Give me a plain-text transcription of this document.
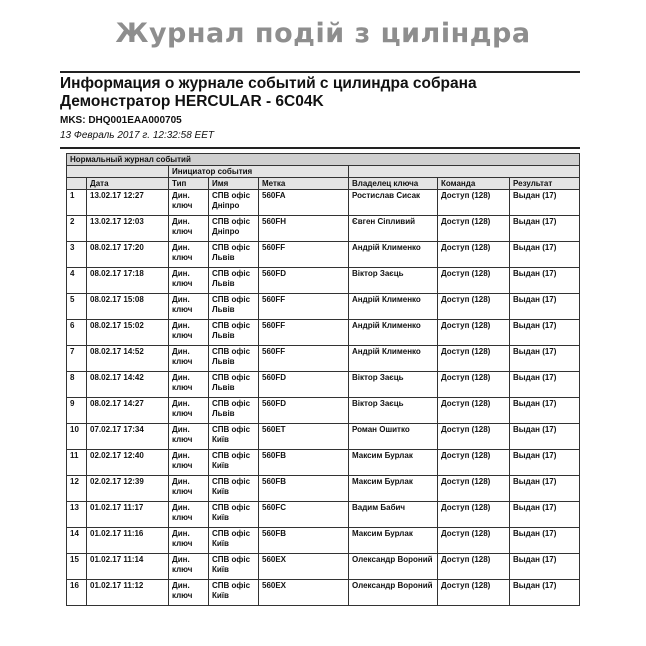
Журнал подій з циліндра
Информация о журнале событий с цилиндра собрана Демонстратор HERCULAR - 6C04K
MKS: DHQ001EAA000705
13 Февраль 2017 г. 12:32:58 EET
Нормальный журнал событий							
		Инициатор события					
	Дата	Тип	Имя	Метка	Владелец ключа	Команда	Результат
1	13.02.17 12:27	Дин. ключ	СПВ офіс Дніпро	560FA	Ростислав Сисак	Доступ (128)	Выдан (17)
2	13.02.17 12:03	Дин. ключ	СПВ офіс Дніпро	560FH	Євген Сіпливий	Доступ (128)	Выдан (17)
3	08.02.17 17:20	Дин. ключ	СПВ офіс Львів	560FF	Андрій Клименко	Доступ (128)	Выдан (17)
4	08.02.17 17:18	Дин. ключ	СПВ офіс Львів	560FD	Віктор Заєць	Доступ (128)	Выдан (17)
5	08.02.17 15:08	Дин. ключ	СПВ офіс Львів	560FF	Андрій Клименко	Доступ (128)	Выдан (17)
6	08.02.17 15:02	Дин. ключ	СПВ офіс Львів	560FF	Андрій Клименко	Доступ (128)	Выдан (17)
7	08.02.17 14:52	Дин. ключ	СПВ офіс Львів	560FF	Андрій Клименко	Доступ (128)	Выдан (17)
8	08.02.17 14:42	Дин. ключ	СПВ офіс Львів	560FD	Віктор Заєць	Доступ (128)	Выдан (17)
9	08.02.17 14:27	Дин. ключ	СПВ офіс Львів	560FD	Віктор Заєць	Доступ (128)	Выдан (17)
10	07.02.17 17:34	Дин. ключ	СПВ офіс Київ	560ET	Роман Ошитко	Доступ (128)	Выдан (17)
11	02.02.17 12:40	Дин. ключ	СПВ офіс Київ	560FB	Максим Бурлак	Доступ (128)	Выдан (17)
12	02.02.17 12:39	Дин. ключ	СПВ офіс Київ	560FB	Максим Бурлак	Доступ (128)	Выдан (17)
13	01.02.17 11:17	Дин. ключ	СПВ офіс Київ	560FC	Вадим Бабич	Доступ (128)	Выдан (17)
14	01.02.17 11:16	Дин. ключ	СПВ офіс Київ	560FB	Максим Бурлак	Доступ (128)	Выдан (17)
15	01.02.17 11:14	Дин. ключ	СПВ офіс Київ	560EX	Олександр Вороний	Доступ (128)	Выдан (17)
16	01.02.17 11:12	Дин. ключ	СПВ офіс Київ	560EX	Олександр Вороний	Доступ (128)	Выдан (17)
